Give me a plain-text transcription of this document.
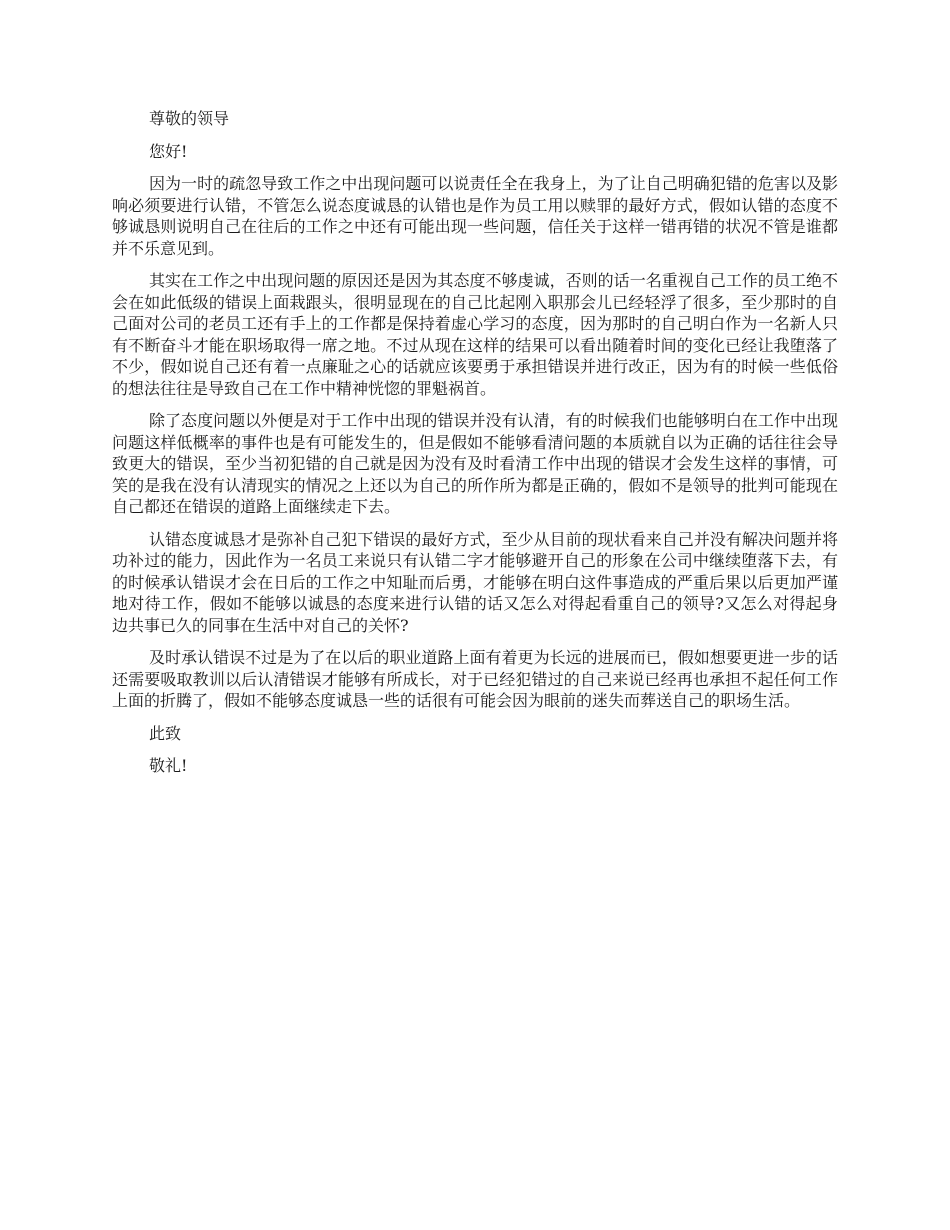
尊敬的领导

您好!

因为一时的疏忽导致工作之中出现问题可以说责任全在我身上，为了让自己明确犯错的危害以及影响必须要进行认错，不管怎么说态度诚恳的认错也是作为员工用以赎罪的最好方式，假如认错的态度不够诚恳则说明自己在往后的工作之中还有可能出现一些问题，信任关于这样一错再错的状况不管是谁都并不乐意见到。

其实在工作之中出现问题的原因还是因为其态度不够虔诚，否则的话一名重视自己工作的员工绝不会在如此低级的错误上面栽跟头，很明显现在的自己比起刚入职那会儿已经轻浮了很多，至少那时的自己面对公司的老员工还有手上的工作都是保持着虚心学习的态度，因为那时的自己明白作为一名新人只有不断奋斗才能在职场取得一席之地。不过从现在这样的结果可以看出随着时间的变化已经让我堕落了不少，假如说自己还有着一点廉耻之心的话就应该要勇于承担错误并进行改正，因为有的时候一些低俗的想法往往是导致自己在工作中精神恍惚的罪魁祸首。

除了态度问题以外便是对于工作中出现的错误并没有认清，有的时候我们也能够明白在工作中出现问题这样低概率的事件也是有可能发生的，但是假如不能够看清问题的本质就自以为正确的话往往会导致更大的错误，至少当初犯错的自己就是因为没有及时看清工作中出现的错误才会发生这样的事情，可笑的是我在没有认清现实的情况之上还以为自己的所作所为都是正确的，假如不是领导的批判可能现在自己都还在错误的道路上面继续走下去。

认错态度诚恳才是弥补自己犯下错误的最好方式，至少从目前的现状看来自己并没有解决问题并将功补过的能力，因此作为一名员工来说只有认错二字才能够避开自己的形象在公司中继续堕落下去，有的时候承认错误才会在日后的工作之中知耻而后勇，才能够在明白这件事造成的严重后果以后更加严谨地对待工作，假如不能够以诚恳的态度来进行认错的话又怎么对得起看重自己的领导?又怎么对得起身边共事已久的同事在生活中对自己的关怀?

及时承认错误不过是为了在以后的职业道路上面有着更为长远的进展而已，假如想要更进一步的话还需要吸取教训以后认清错误才能够有所成长，对于已经犯错过的自己来说已经再也承担不起任何工作上面的折腾了，假如不能够态度诚恳一些的话很有可能会因为眼前的迷失而葬送自己的职场生活。

此致

敬礼!
